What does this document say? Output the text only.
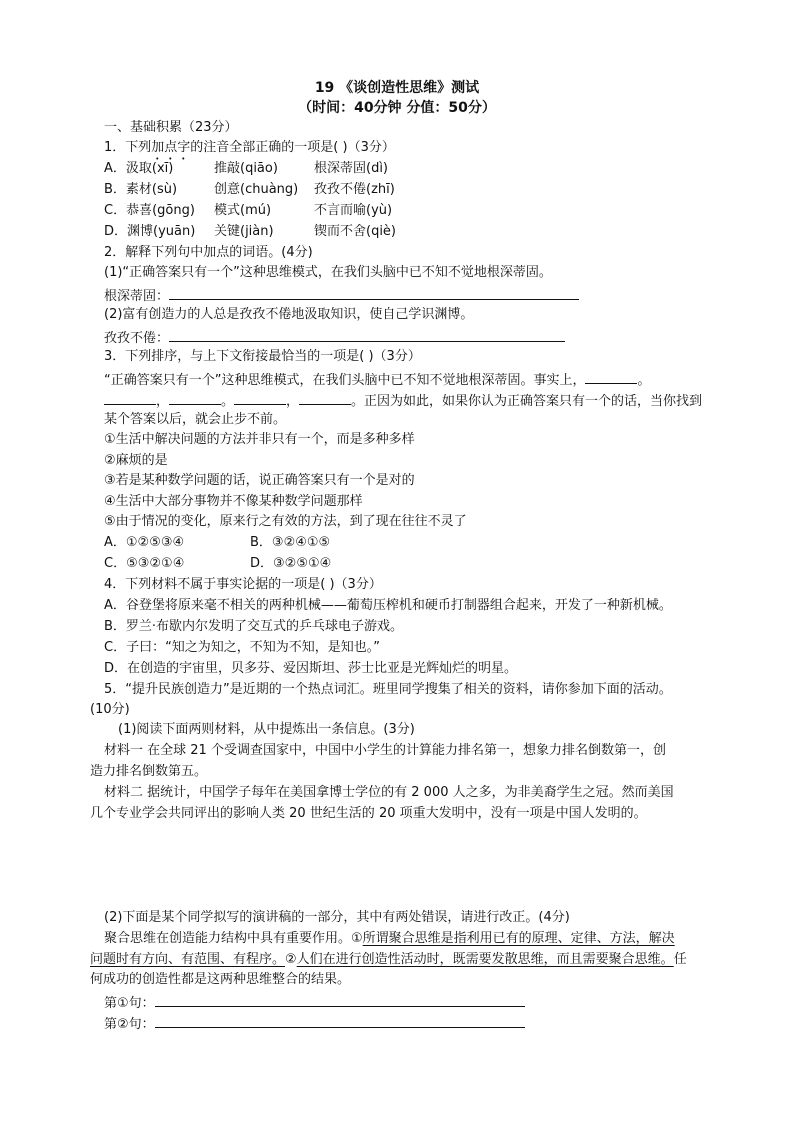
19 《谈创造性思维》测试
（时间：40分钟 分值：50分）
一、基础积累（23分）
1．下列加点字的注音全部正确的一项是( )（3分）
A．汲取(xī)	推敲(qiāo)	根深蒂固(dì)
B．素材(sù)	创意(chuàng) 孜孜不倦(zhī)
C．恭喜(gōng) 模式(mú)	不言而喻(yù)
D．渊博(yuān) 关键(jiàn)	锲而不舍(qiè)
2．解释下列句中加点的词语。(4分)
(1)“正确答案只有一个”这种思维模式，在我们头脑中已不知不觉地根深蒂固。
根深蒂固：
(2)富有创造力的人总是孜孜不倦地汲取知识，使自己学识渊博。
孜孜不倦：
3．下列排序，与上下文衔接最恰当的一项是( )（3分）
“正确答案只有一个”这种思维模式，在我们头脑中已不知不觉地根深蒂固。事实上，	。
，	。	，	。正因为如此，如果你认为正确答案只有一个的话，当你找到
某个答案以后，就会止步不前。
①生活中解决问题的方法并非只有一个，而是多种多样
②麻烦的是
③若是某种数学问题的话，说正确答案只有一个是对的
④生活中大部分事物并不像某种数学问题那样
⑤由于情况的变化，原来行之有效的方法，到了现在往往不灵了
A．①②⑤③④	B．③②④①⑤
C．⑤③②①④	D．③②⑤①④
4．下列材料不属于事实论据的一项是( )（3分）
A．谷登堡将原来毫不相关的两种机械——葡萄压榨机和硬币打制器组合起来，开发了一种新机械。
B．罗兰·布歇内尔发明了交互式的乒乓球电子游戏。
C．子曰：“知之为知之，不知为不知，是知也。”
D．在创造的宇宙里，贝多芬、爱因斯坦、莎士比亚是光辉灿烂的明星。
5．“提升民族创造力”是近期的一个热点词汇。班里同学搜集了相关的资料，请你参加下面的活动。
(10分)
(1)阅读下面两则材料，从中提炼出一条信息。(3分)
材料一 在全球 21 个受调查国家中，中国中小学生的计算能力排名第一，想象力排名倒数第一，创
造力排名倒数第五。
材料二 据统计，中国学子每年在美国拿博士学位的有 2 000 人之多，为非美裔学生之冠。然而美国
几个专业学会共同评出的影响人类 20 世纪生活的 20 项重大发明中，没有一项是中国人发明的。
(2)下面是某个同学拟写的演讲稿的一部分，其中有两处错误，请进行改正。(4分)
聚合思维在创造能力结构中具有重要作用。①所谓聚合思维是指利用已有的原理、定律、方法，解决
问题时有方向、有范围、有程序。②人们在进行创造性活动时，既需要发散思维，而且需要聚合思维。任
何成功的创造性都是这两种思维整合的结果。
第①句：
第②句：
